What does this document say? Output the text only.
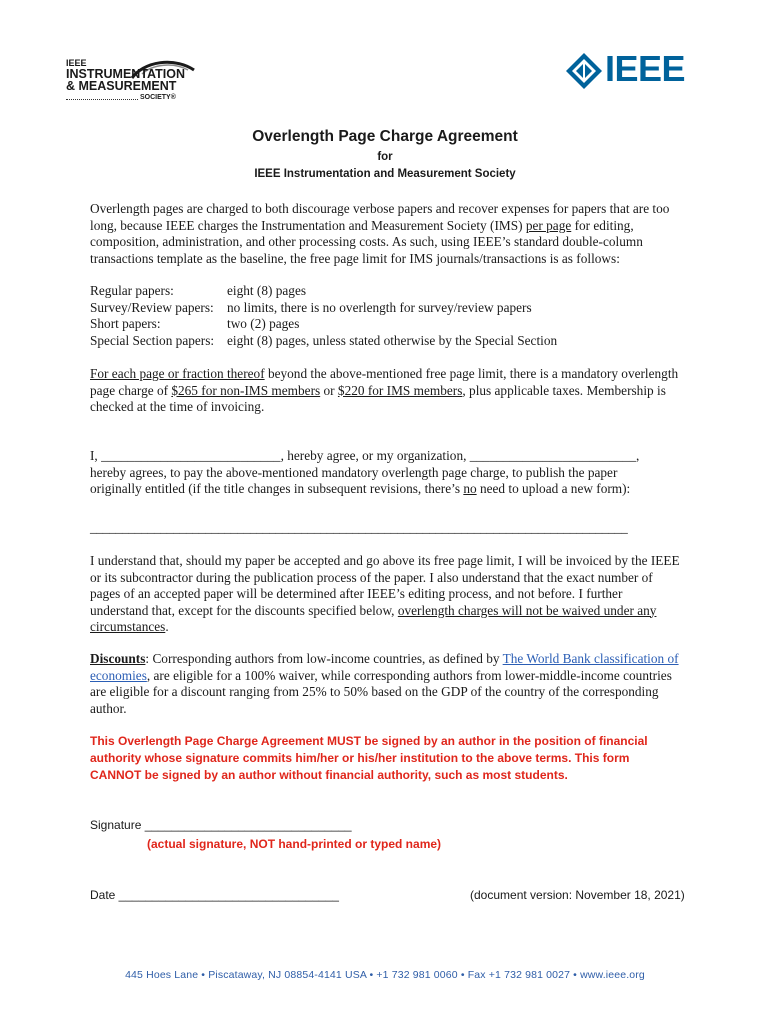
IEEE
INSTRUMENTATION
& MEASUREMENT
SOCIETY®
IEEE
Overlength Page Charge Agreement
for
IEEE Instrumentation and Measurement Society
Overlength pages are charged to both discourage verbose papers and recover expenses for papers that are too long, because IEEE charges the Instrumentation and Measurement Society (IMS) per page for editing, composition, administration, and other processing costs. As such, using IEEE’s standard double-column transactions template as the baseline, the free page limit for IMS journals/transactions is as follows:
Regular papers:	eight (8) pages
Survey/Review papers: no limits, there is no overlength for survey/review papers
Short papers:	two (2) pages
Special Section papers: eight (8) pages, unless stated otherwise by the Special Section
For each page or fraction thereof beyond the above-mentioned free page limit, there is a mandatory overlength page charge of $265 for non-IMS members or $220 for IMS members, plus applicable taxes. Membership is checked at the time of invoicing.
I, ___________________________, hereby agree, or my organization, _________________________,
hereby agrees, to pay the above-mentioned mandatory overlength page charge, to publish the paper
originally entitled (if the title changes in subsequent revisions, there’s no need to upload a new form):
____________________________________________________________________________________
I understand that, should my paper be accepted and go above its free page limit, I will be invoiced by the IEEE or its subcontractor during the publication process of the paper. I also understand that the exact number of pages of an accepted paper will be determined after IEEE’s editing process, and not before. I further understand that, except for the discounts specified below, overlength charges will not be waived under any circumstances.
Discounts: Corresponding authors from low-income countries, as defined by The World Bank classification of economies, are eligible for a 100% waiver, while corresponding authors from lower-middle-income countries are eligible for a discount ranging from 25% to 50% based on the GDP of the country of the corresponding author.
This Overlength Page Charge Agreement MUST be signed by an author in the position of financial authority whose signature commits him/her or his/her institution to the above terms. This form CANNOT be signed by an author without financial authority, such as most students.
Signature _______________________________
(actual signature, NOT hand-printed or typed name)
Date _________________________________	(document version: November 18, 2021)
445 Hoes Lane • Piscataway, NJ 08854-4141 USA • +1 732 981 0060 • Fax +1 732 981 0027 • www.ieee.org
